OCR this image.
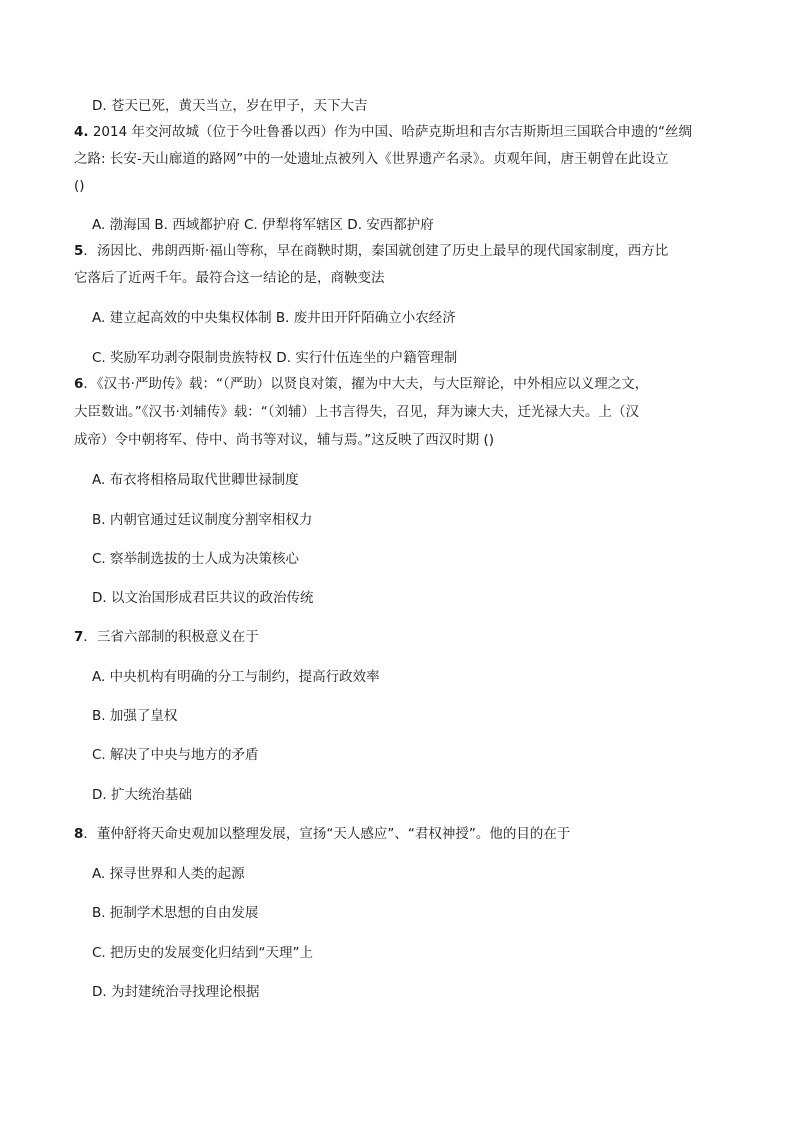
D. 苍天已死，黄天当立，岁在甲子，天下大吉
4. 2014 年交河故城（位于今吐鲁番以西）作为中国、哈萨克斯坦和吉尔吉斯斯坦三国联合申遗的“丝绸
之路: 长安-天山廊道的路网”中的一处遗址点被列入《世界遗产名录》。贞观年间，唐王朝曾在此设立
()
A. 渤海国 B. 西域都护府 C. 伊犁将军辖区 D. 安西都护府
5．汤因比、弗朗西斯·福山等称，早在商鞅时期，秦国就创建了历史上最早的现代国家制度，西方比
它落后了近两千年。最符合这一结论的是，商鞅变法
A. 建立起高效的中央集权体制 B. 废井田开阡陌确立小农经济
C. 奖励军功剥夺限制贵族特权 D. 实行什伍连坐的户籍管理制
6．《汉书·严助传》载：“（严助）以贤良对策，擢为中大夫，与大臣辩论，中外相应以义理之文，
大臣数诎。”《汉书·刘辅传》载：“（刘辅）上书言得失，召见，拜为谏大夫，迁光禄大夫。上（汉
成帝）令中朝将军、侍中、尚书等对议，辅与焉。”这反映了西汉时期 ()
A. 布衣将相格局取代世卿世禄制度
B. 内朝官通过廷议制度分割宰相权力
C. 察举制选拔的士人成为决策核心
D. 以文治国形成君臣共议的政治传统
7．三省六部制的积极意义在于
A. 中央机构有明确的分工与制约，提高行政效率
B. 加强了皇权
C. 解决了中央与地方的矛盾
D. 扩大统治基础
8．董仲舒将天命史观加以整理发展，宣扬“天人感应”、“君权神授”。他的目的在于
A. 探寻世界和人类的起源
B. 扼制学术思想的自由发展
C. 把历史的发展变化归结到“天理”上
D. 为封建统治寻找理论根据
